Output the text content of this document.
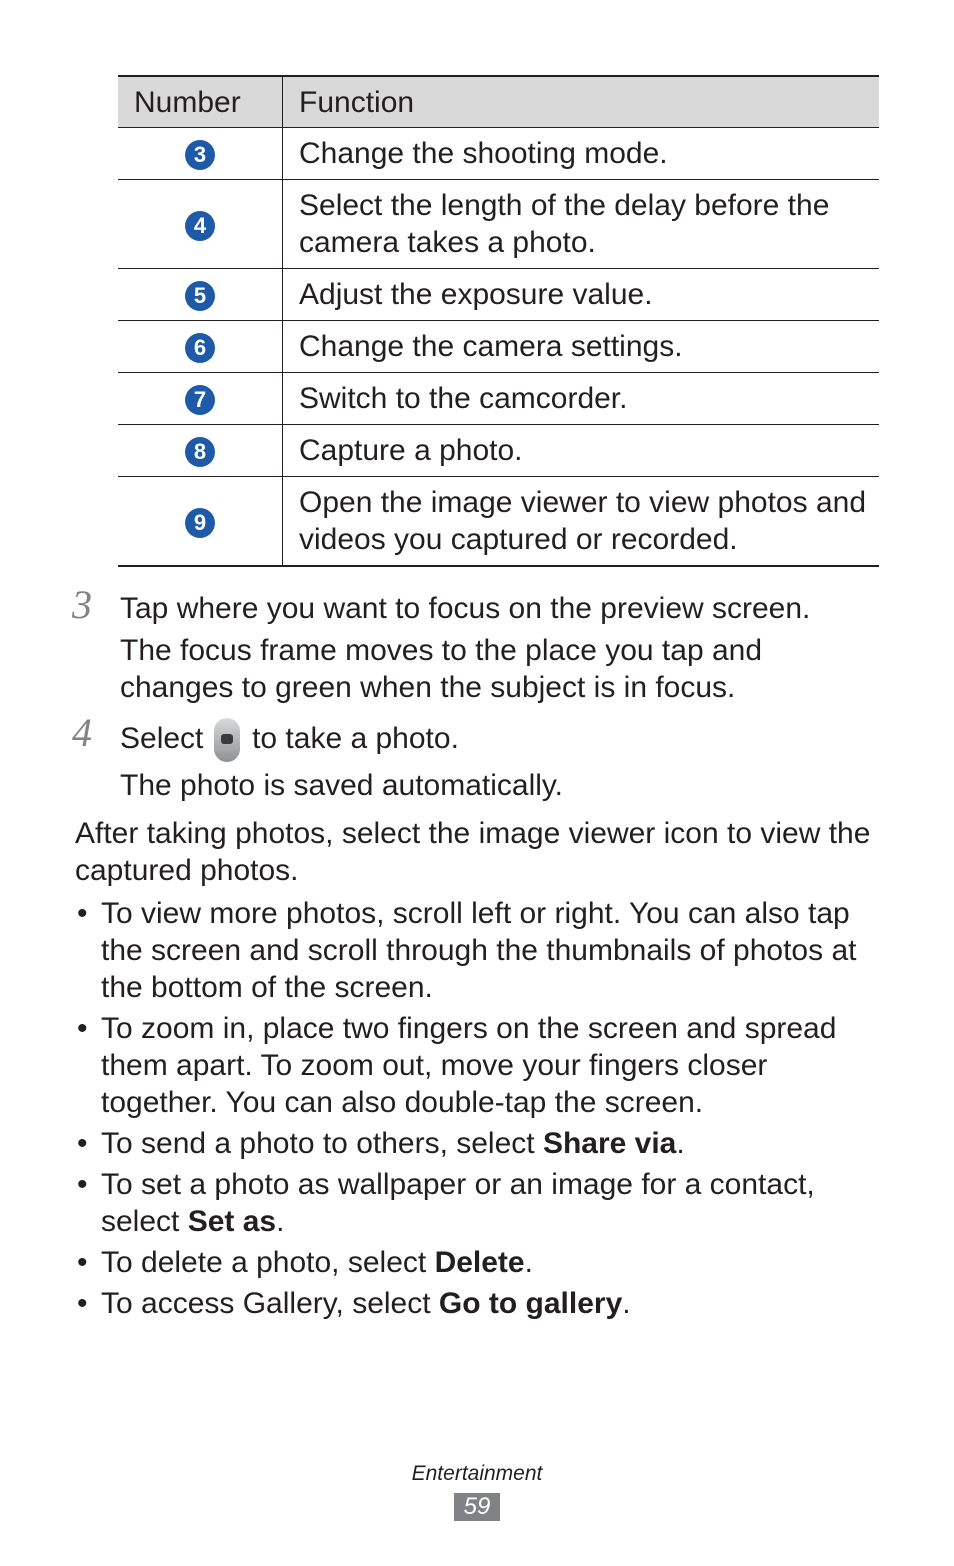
Number	Function
3	Change the shooting mode.
4	Select the length of the delay before the camera takes a photo.
5	Adjust the exposure value.
6	Change the camera settings.
7	Switch to the camcorder.
8	Capture a photo.
9	Open the image viewer to view photos and videos you captured or recorded.
3 Tap where you want to focus on the preview screen.

The focus frame moves to the place you tap and changes to green when the subject is in focus.

4 Select to take a photo.

The photo is saved automatically.

After taking photos, select the image viewer icon to view the captured photos.

• To view more photos, scroll left or right. You can also tap the screen and scroll through the thumbnails of photos at the bottom of the screen.
• To zoom in, place two fingers on the screen and spread them apart. To zoom out, move your fingers closer together. You can also double-tap the screen.
• To send a photo to others, select Share via.
• To set a photo as wallpaper or an image for a contact, select Set as.
• To delete a photo, select Delete.
• To access Gallery, select Go to gallery.
Entertainment
59
